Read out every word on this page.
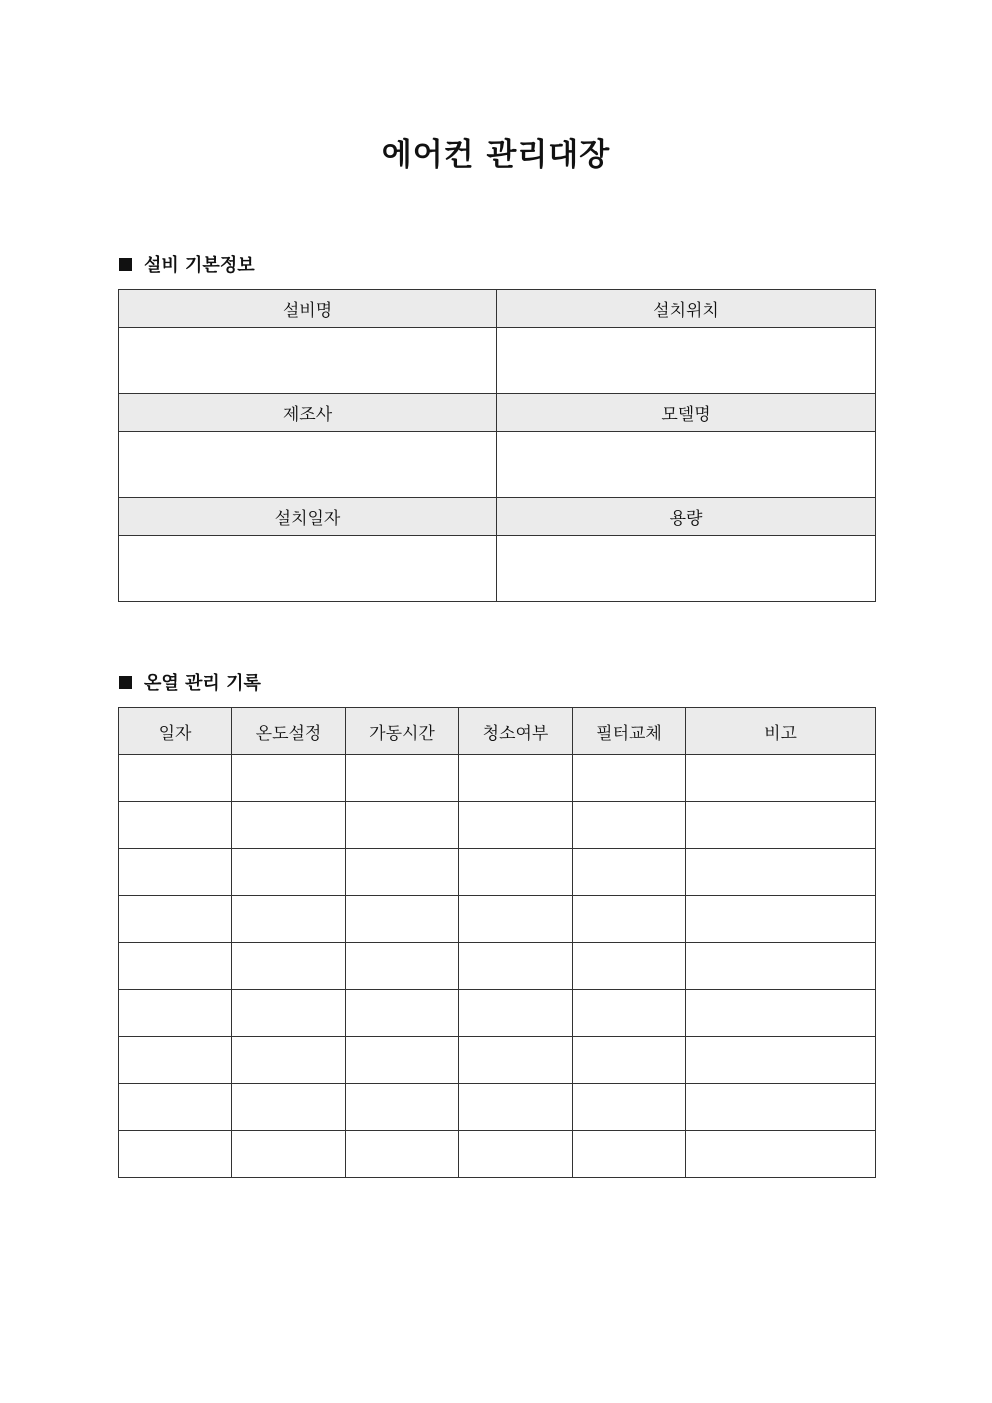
에어컨 관리대장
설비 기본정보
설비명	설치위치

제조사	모델명

설치일자	용량

온열 관리 기록
일자	온도설정	가동시간	청소여부	필터교체	비고
